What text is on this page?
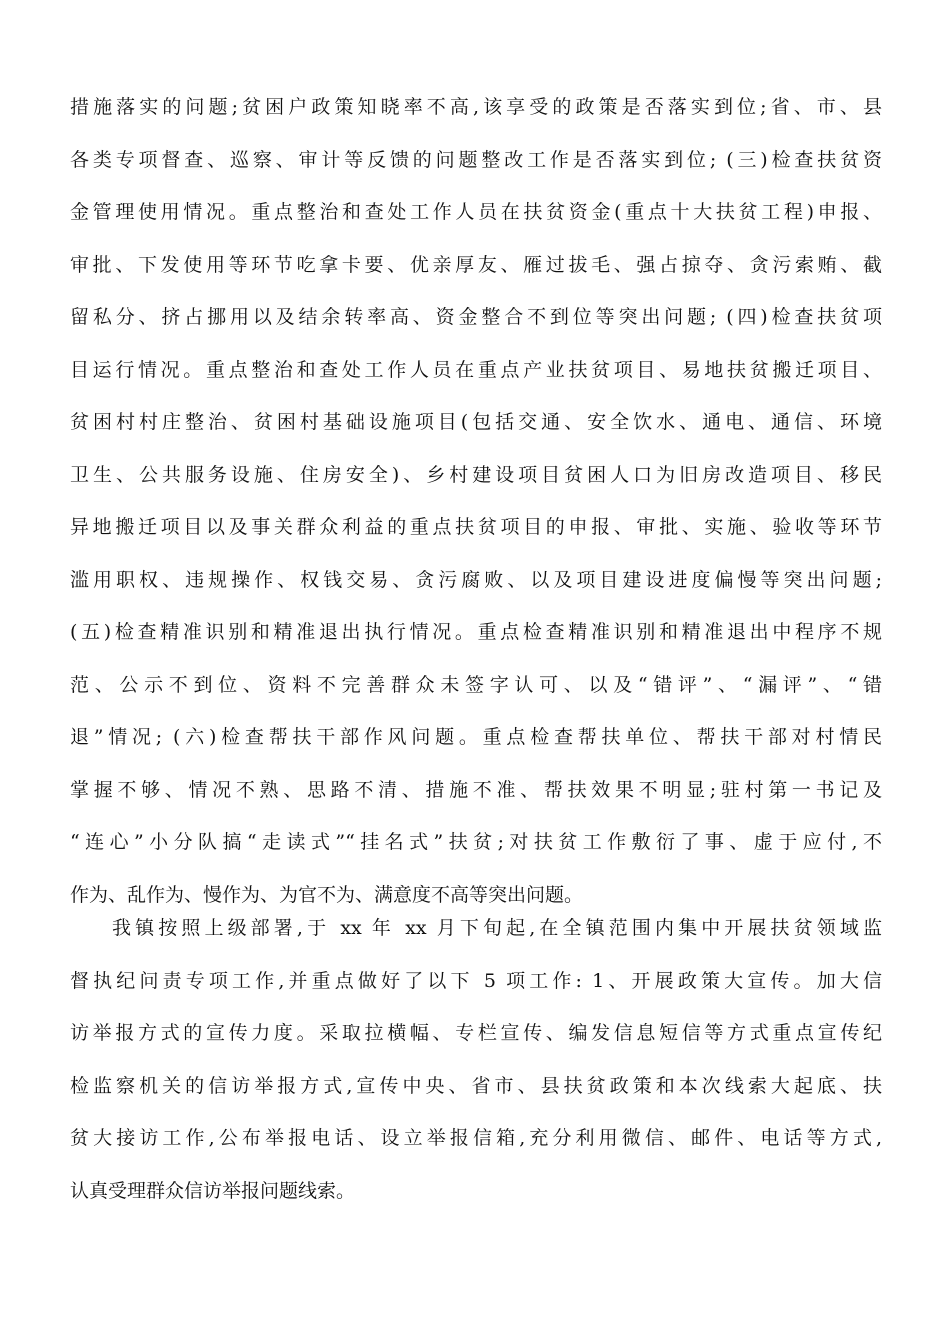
措施落实的问题;贫困户政策知晓率不高,该享受的政策是否落实到位;省、市、县
各类专项督查、巡察、审计等反馈的问题整改工作是否落实到位; (三)检查扶贫资
金管理使用情况。重点整治和查处工作人员在扶贫资金(重点十大扶贫工程)申报、
审批、下发使用等环节吃拿卡要、优亲厚友、雁过拔毛、强占掠夺、贪污索贿、截
留私分、挤占挪用以及结余转率高、资金整合不到位等突出问题; (四)检查扶贫项
目运行情况。重点整治和查处工作人员在重点产业扶贫项目、易地扶贫搬迁项目、
贫困村村庄整治、贫困村基础设施项目(包括交通、安全饮水、通电、通信、环境
卫生、公共服务设施、住房安全)、乡村建设项目贫困人口为旧房改造项目、移民
异地搬迁项目以及事关群众利益的重点扶贫项目的申报、审批、实施、验收等环节
滥用职权、违规操作、权钱交易、贪污腐败、以及项目建设进度偏慢等突出问题;
(五)检查精准识别和精准退出执行情况。重点检查精准识别和精准退出中程序不规
范、公示不到位、资料不完善群众未签字认可、以及“错评”、“漏评”、“错
退”情况; (六)检查帮扶干部作风问题。重点检查帮扶单位、帮扶干部对村情民
掌握不够、情况不熟、思路不清、措施不准、帮扶效果不明显;驻村第一书记及
“连心”小分队搞“走读式”“挂名式”扶贫;对扶贫工作敷衍了事、虚于应付,不
作为、乱作为、慢作为、为官不为、满意度不高等突出问题。
我镇按照上级部署,于 xx 年 xx 月下旬起,在全镇范围内集中开展扶贫领域监
督执纪问责专项工作,并重点做好了以下 5 项工作: 1、开展政策大宣传。加大信
访举报方式的宣传力度。采取拉横幅、专栏宣传、编发信息短信等方式重点宣传纪
检监察机关的信访举报方式,宣传中央、省市、县扶贫政策和本次线索大起底、扶
贫大接访工作,公布举报电话、设立举报信箱,充分利用微信、邮件、电话等方式,
认真受理群众信访举报问题线索。
